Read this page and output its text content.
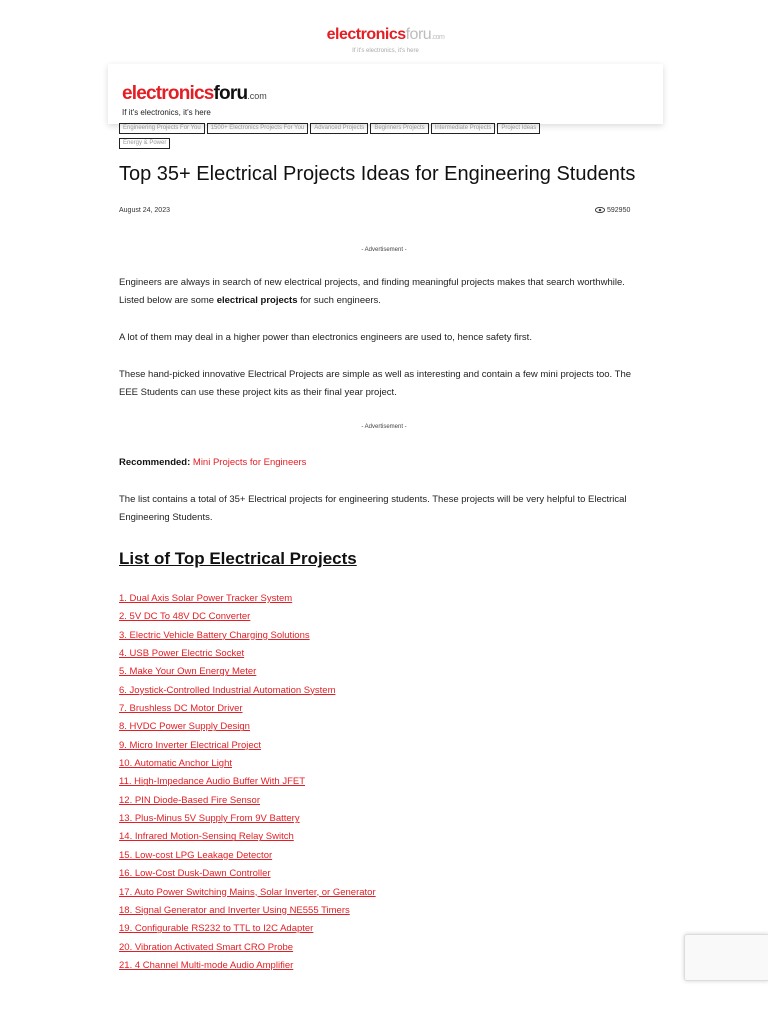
electronicsforu.com
If it's electronics, it's here
electronicsforu.com
If it's electronics, it's here
Engineering Projects For You 1500+ Electronics Projects For You Advanced Projects Beginners Projects Intermediate Projects Project Ideas
Energy & Power
Top 35+ Electrical Projects Ideas for Engineering Students
August 24, 2023	592950
- Advertisement -

Engineers are always in search of new electrical projects, and finding meaningful projects makes that search worthwhile. Listed below are some electrical projects for such engineers.

A lot of them may deal in a higher power than electronics engineers are used to, hence safety first.

These hand-picked innovative Electrical Projects are simple as well as interesting and contain a few mini projects too. The EEE Students can use these project kits as their final year project.

- Advertisement -

Recommended: Mini Projects for Engineers

The list contains a total of 35+ Electrical projects for engineering students. These projects will be very helpful to Electrical Engineering Students.

List of Top Electrical Projects
1. Dual Axis Solar Power Tracker System
2. 5V DC To 48V DC Converter
3. Electric Vehicle Battery Charging Solutions
4. USB Power Electric Socket
5. Make Your Own Energy Meter
6. Joystick-Controlled Industrial Automation System
7. Brushless DC Motor Driver
8. HVDC Power Supply Design
9. Micro Inverter Electrical Project
10. Automatic Anchor Light
11. High-Impedance Audio Buffer With JFET
12. PIN Diode-Based Fire Sensor
13. Plus-Minus 5V Supply From 9V Battery
14. Infrared Motion-Sensing Relay Switch
15. Low-cost LPG Leakage Detector
16. Low-Cost Dusk-Dawn Controller
17. Auto Power Switching Mains, Solar Inverter, or Generator
18. Signal Generator and Inverter Using NE555 Timers
19. Configurable RS232 to TTL to I2C Adapter
20. Vibration Activated Smart CRO Probe
21. 4 Channel Multi-mode Audio Amplifier
